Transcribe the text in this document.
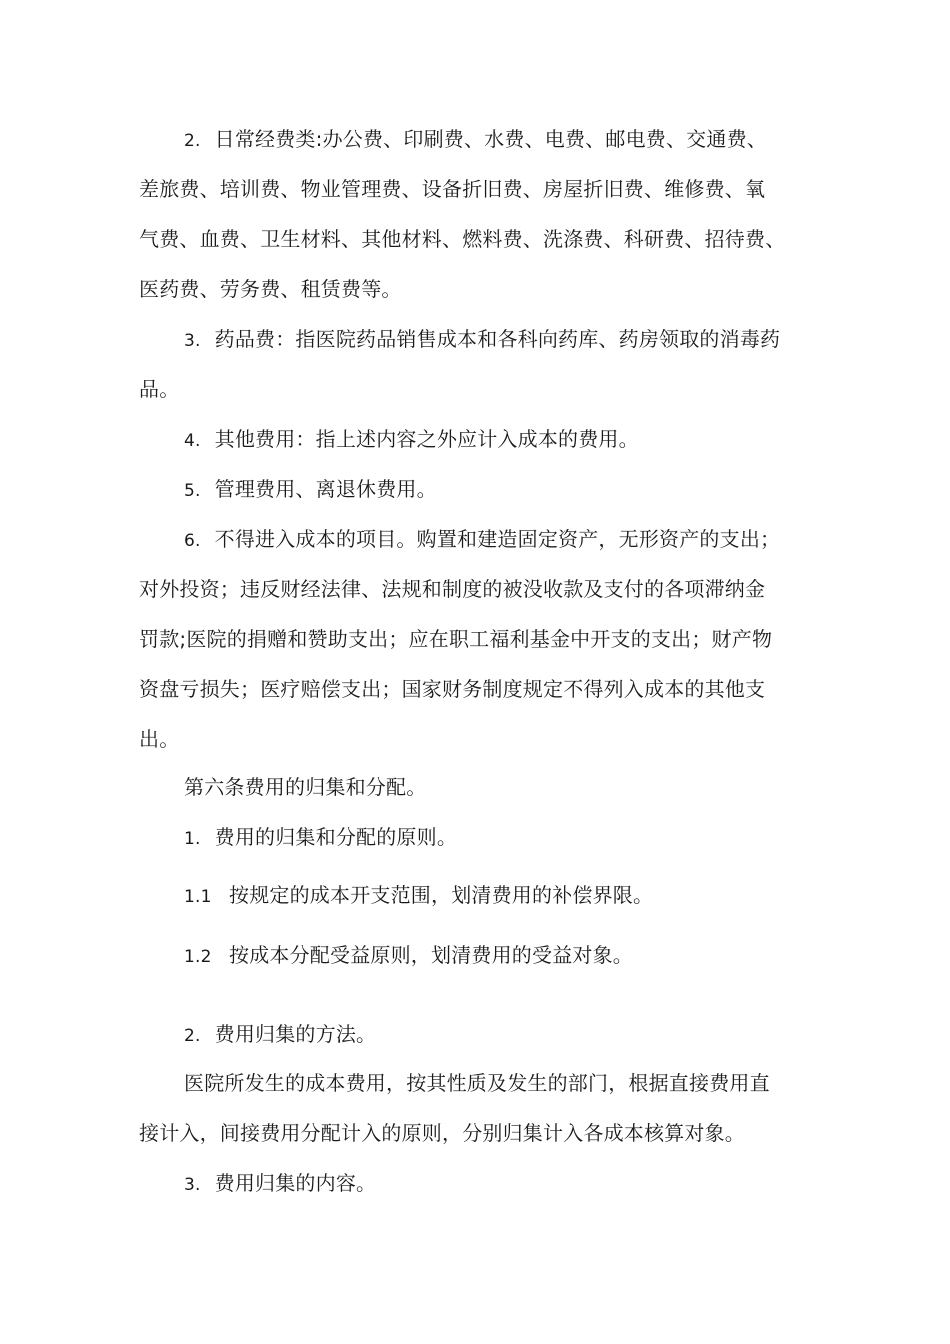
2. 日常经费类:办公费、印刷费、水费、电费、邮电费、交通费、
差旅费、培训费、物业管理费、设备折旧费、房屋折旧费、维修费、氧
气费、血费、卫生材料、其他材料、燃料费、洗涤费、科研费、招待费、
医药费、劳务费、租赁费等。
3. 药品费：指医院药品销售成本和各科向药库、药房领取的消毒药
品。
4. 其他费用：指上述内容之外应计入成本的费用。
5. 管理费用、离退休费用。
6. 不得进入成本的项目。购置和建造固定资产，无形资产的支出；
对外投资；违反财经法律、法规和制度的被没收款及支付的各项滞纳金
罚款;医院的捐赠和赞助支出；应在职工福利基金中开支的支出；财产物
资盘亏损失；医疗赔偿支出；国家财务制度规定不得列入成本的其他支
出。
第六条费用的归集和分配。
1. 费用的归集和分配的原则。
1.1 按规定的成本开支范围，划清费用的补偿界限。
1.2 按成本分配受益原则，划清费用的受益对象。
2. 费用归集的方法。
医院所发生的成本费用，按其性质及发生的部门，根据直接费用直
接计入，间接费用分配计入的原则，分别归集计入各成本核算对象。
3. 费用归集的内容。
